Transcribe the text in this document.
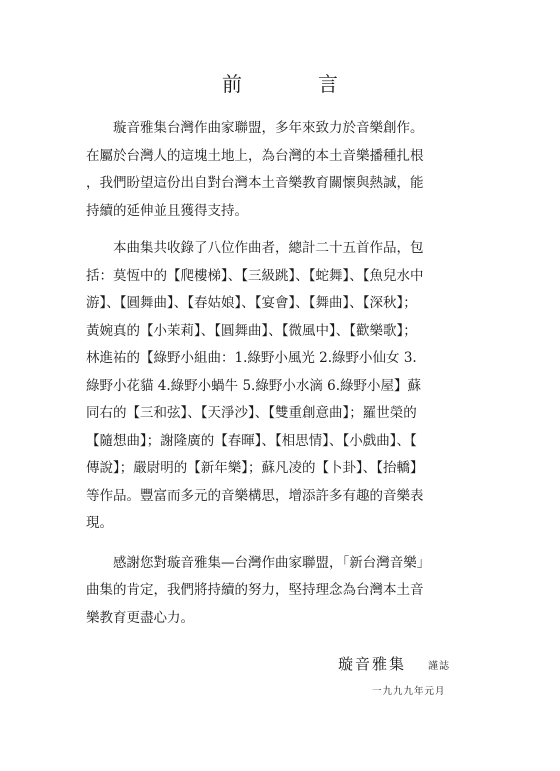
前　言

璇音雅集台灣作曲家聯盟，多年來致力於音樂創作。
在屬於台灣人的這塊土地上，為台灣的本土音樂播種扎根
，我們盼望這份出自對台灣本土音樂教育關懷與熱誠，能
持續的延伸並且獲得支持。

本曲集共收錄了八位作曲者，總計二十五首作品，包
括：莫恆中的【爬樓梯】、【三級跳】、【蛇舞】、【魚兒水中
游】、【圓舞曲】、【春姑娘】、【宴會】、【舞曲】、【深秋】；
黃婉真的【小茉莉】、【圓舞曲】、【微風中】、【歡樂歌】；
林進祐的【綠野小組曲：1.綠野小風光 2.綠野小仙女 3.
綠野小花貓 4.綠野小蝸牛 5.綠野小水滴 6.綠野小屋】蘇
同右的【三和弦】、【天淨沙】、【雙重創意曲】；羅世榮的
【隨想曲】；謝隆廣的【春暉】、【相思情】、【小戲曲】、【
傳說】；嚴尉明的【新年樂】；蘇凡凌的【卜卦】、【抬轎】
等作品。豐富而多元的音樂構思，增添許多有趣的音樂表
現。

感謝您對璇音雅集—台灣作曲家聯盟，「新台灣音樂」
曲集的肯定，我們將持續的努力，堅持理念為台灣本土音
樂教育更盡心力。

璇音雅集 謹誌
一九九九年元月
